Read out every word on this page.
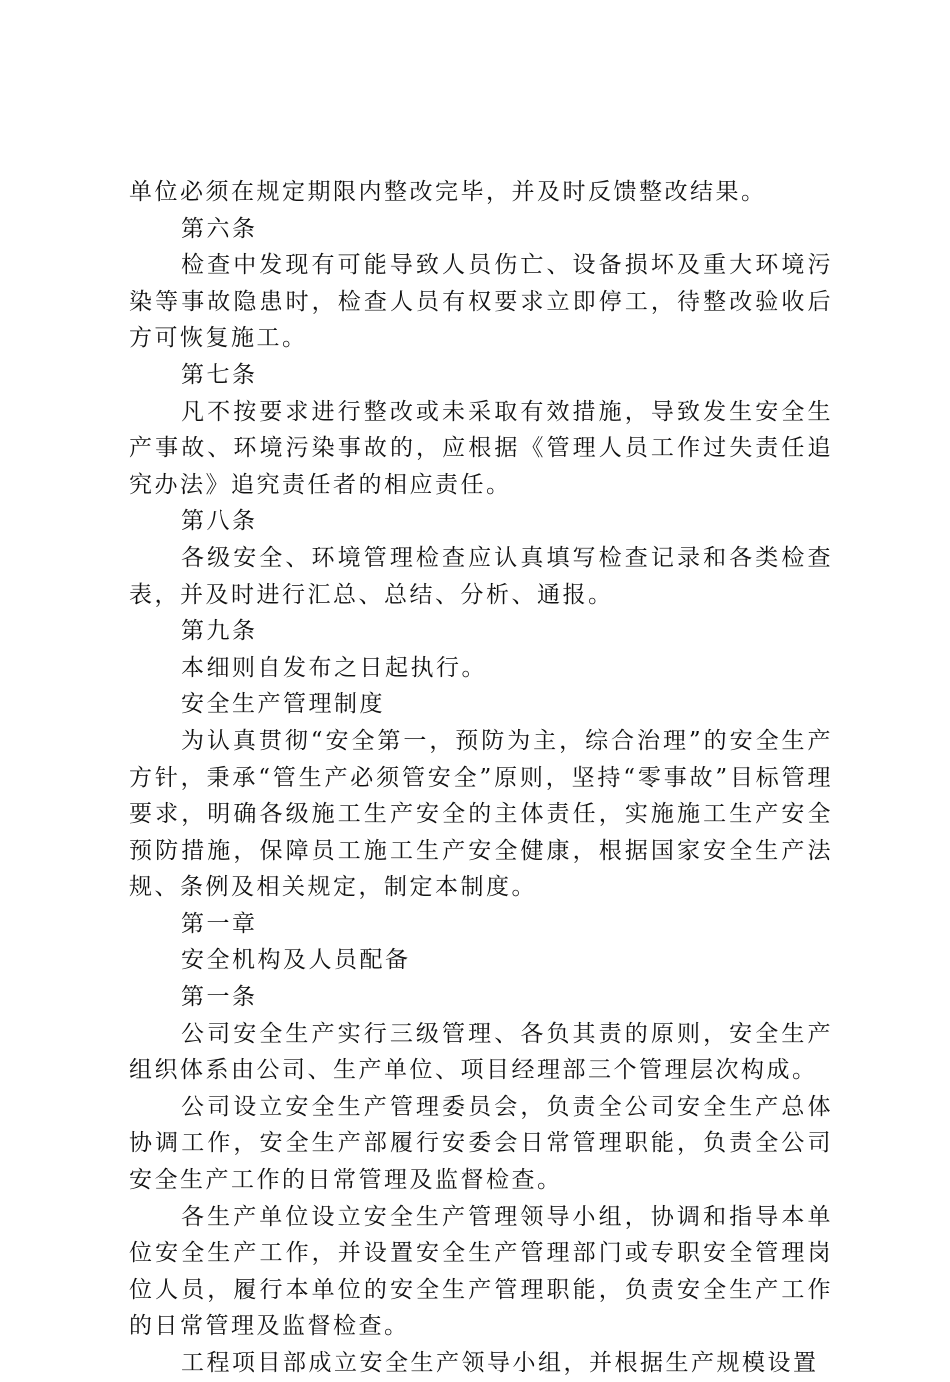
单位必须在规定期限内整改完毕，并及时反馈整改结果。

第六条

检查中发现有可能导致人员伤亡、设备损坏及重大环境污染等事故隐患时，检查人员有权要求立即停工，待整改验收后方可恢复施工。

第七条

凡不按要求进行整改或未采取有效措施，导致发生安全生产事故、环境污染事故的，应根据《管理人员工作过失责任追究办法》追究责任者的相应责任。

第八条

各级安全、环境管理检查应认真填写检查记录和各类检查表，并及时进行汇总、总结、分析、通报。

第九条

本细则自发布之日起执行。

安全生产管理制度

为认真贯彻“安全第一，预防为主，综合治理”的安全生产方针，秉承“管生产必须管安全”原则，坚持“零事故”目标管理要求，明确各级施工生产安全的主体责任，实施施工生产安全预防措施，保障员工施工生产安全健康，根据国家安全生产法规、条例及相关规定，制定本制度。

第一章

安全机构及人员配备

第一条

公司安全生产实行三级管理、各负其责的原则，安全生产组织体系由公司、生产单位、项目经理部三个管理层次构成。

公司设立安全生产管理委员会，负责全公司安全生产总体协调工作，安全生产部履行安委会日常管理职能，负责全公司安全生产工作的日常管理及监督检查。

各生产单位设立安全生产管理领导小组，协调和指导本单位安全生产工作，并设置安全生产管理部门或专职安全管理岗位人员，履行本单位的安全生产管理职能，负责安全生产工作的日常管理及监督检查。

工程项目部成立安全生产领导小组，并根据生产规模设置
